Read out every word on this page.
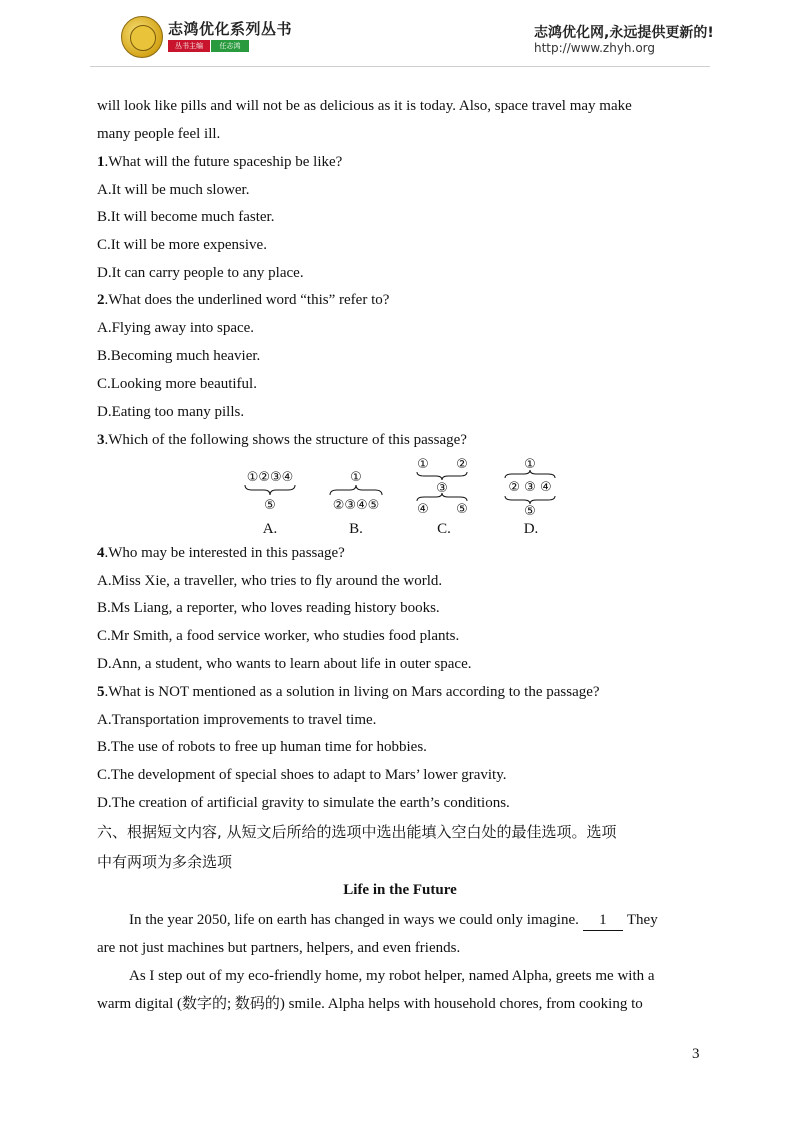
志鸿优化系列丛书
丛书主编	任志鸿
志鸿优化网,永远提供更新的!
http://www.zhyh.org
will look like pills and will not be as delicious as it is today. Also, space travel may make
many people feel ill.
1.What will the future spaceship be like?
A.It will be much slower.
B.It will become much faster.
C.It will be more expensive.
D.It can carry people to any place.
2.What does the underlined word “this” refer to?
A.Flying away into space.
B.Becoming much heavier.
C.Looking more beautiful.
D.Eating too many pills.
3.Which of the following shows the structure of this passage?
①②③④
⑤
A.
①
②③④⑤
B.
① ②
③
④ ⑤
C.
①
② ③ ④
⑤
D.
4.Who may be interested in this passage?
A.Miss Xie, a traveller, who tries to fly around the world.
B.Ms Liang, a reporter, who loves reading history books.
C.Mr Smith, a food service worker, who studies food plants.
D.Ann, a student, who wants to learn about life in outer space.
5.What is NOT mentioned as a solution in living on Mars according to the passage?
A.Transportation improvements to travel time.
B.The use of robots to free up human time for hobbies.
C.The development of special shoes to adapt to Mars’ lower gravity.
D.The creation of artificial gravity to simulate the earth’s conditions.
六、根据短文内容, 从短文后所给的选项中选出能填入空白处的最佳选项。选项
中有两项为多余选项
Life in the Future
In the year 2050, life on earth has changed in ways we could only imagine. 1 They
are not just machines but partners, helpers, and even friends.
As I step out of my eco-friendly home, my robot helper, named Alpha, greets me with a
warm digital (数字的; 数码的) smile. Alpha helps with household chores, from cooking to
3
